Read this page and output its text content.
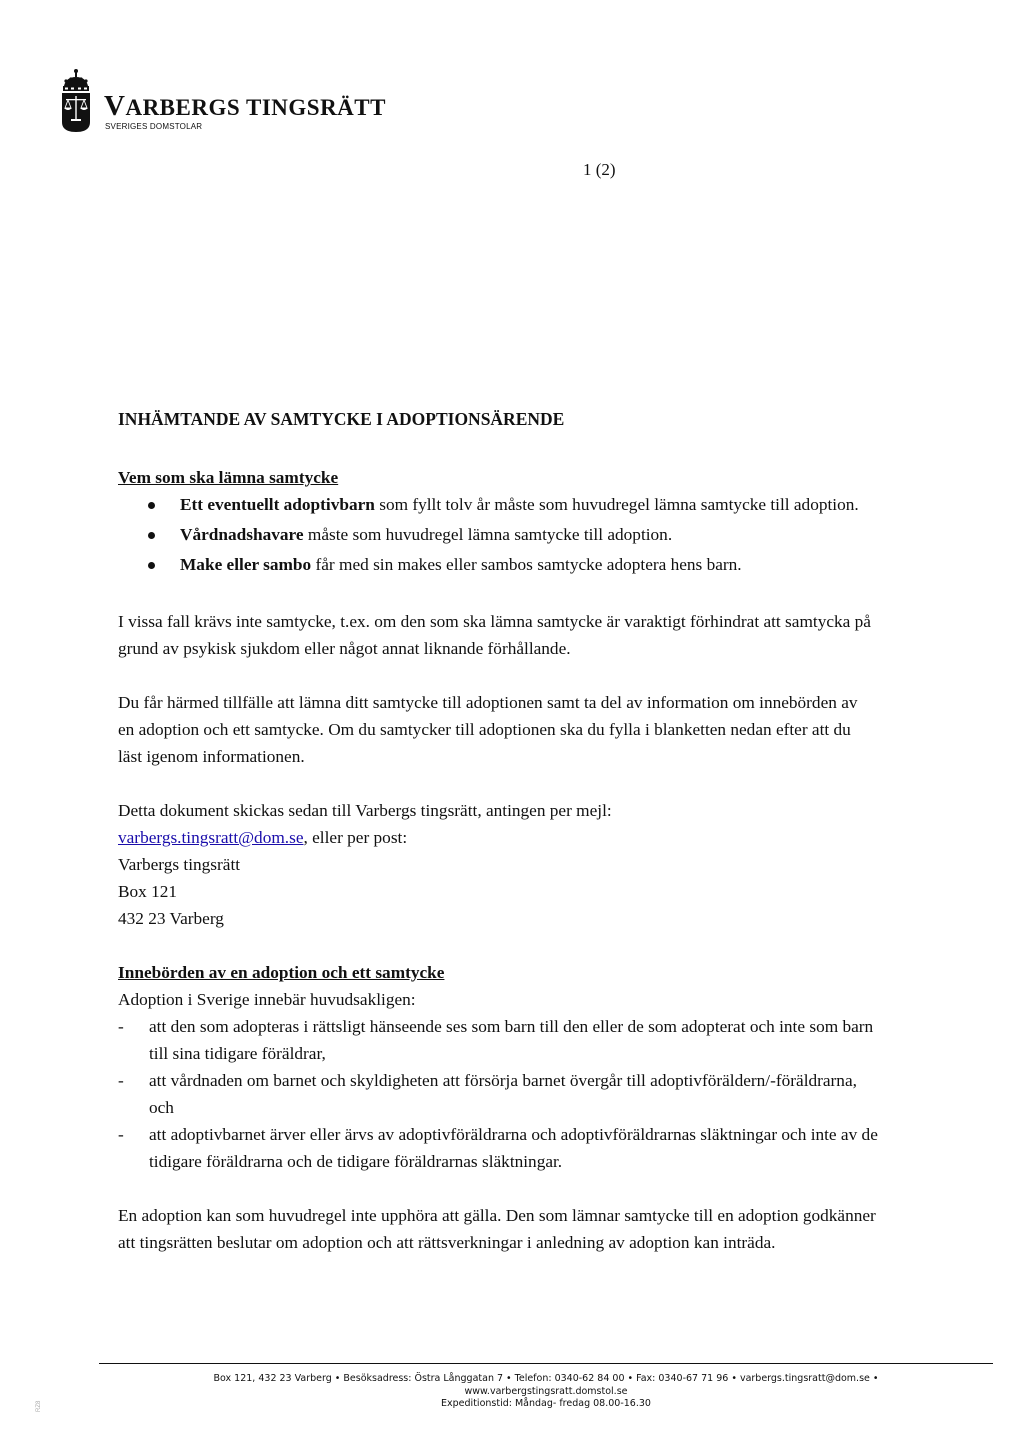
VARBERGS TINGSRÄTT
SVERIGES DOMSTOLAR
1 (2)
INHÄMTANDE AV SAMTYCKE I ADOPTIONSÄRENDE

Vem som ska lämna samtycke

Ett eventuellt adoptivbarn som fyllt tolv år måste som huvudregel lämna samtycke till adoption.
Vårdnadshavare måste som huvudregel lämna samtycke till adoption.
Make eller sambo får med sin makes eller sambos samtycke adoptera hens barn.

I vissa fall krävs inte samtycke, t.ex. om den som ska lämna samtycke är varaktigt förhindrat att samtycka på grund av psykisk sjukdom eller något annat liknande förhållande.

Du får härmed tillfälle att lämna ditt samtycke till adoptionen samt ta del av information om innebörden av en adoption och ett samtycke. Om du samtycker till adoptionen ska du fylla i blanketten nedan efter att du läst igenom informationen.

Detta dokument skickas sedan till Varbergs tingsrätt, antingen per mejl:
varbergs.tingsratt@dom.se, eller per post:

Varbergs tingsrätt

Box 121

432 23 Varberg

Innebörden av en adoption och ett samtycke

Adoption i Sverige innebär huvudsakligen:

- att den som adopteras i rättsligt hänseende ses som barn till den eller de som adopterat och inte som barn till sina tidigare föräldrar,
- att vårdnaden om barnet och skyldigheten att försörja barnet övergår till adoptivföräldern/-föräldrarna, och
- att adoptivbarnet ärver eller ärvs av adoptivföräldrarna och adoptivföräldrarnas släktningar och inte av de tidigare föräldrarna och de tidigare föräldrarnas släktningar.

En adoption kan som huvudregel inte upphöra att gälla. Den som lämnar samtycke till en adoption godkänner att tingsrätten beslutar om adoption och att rättsverkningar i anledning av adoption kan inträda.

Box 121, 432 23 Varberg • Besöksadress: Östra Långgatan 7 • Telefon: 0340-62 84 00 • Fax: 0340-67 71 96 • varbergs.tingsratt@dom.se •
www.varbergstingsratt.domstol.se
Expeditionstid: Måndag- fredag 08.00-16.30
RZ8
